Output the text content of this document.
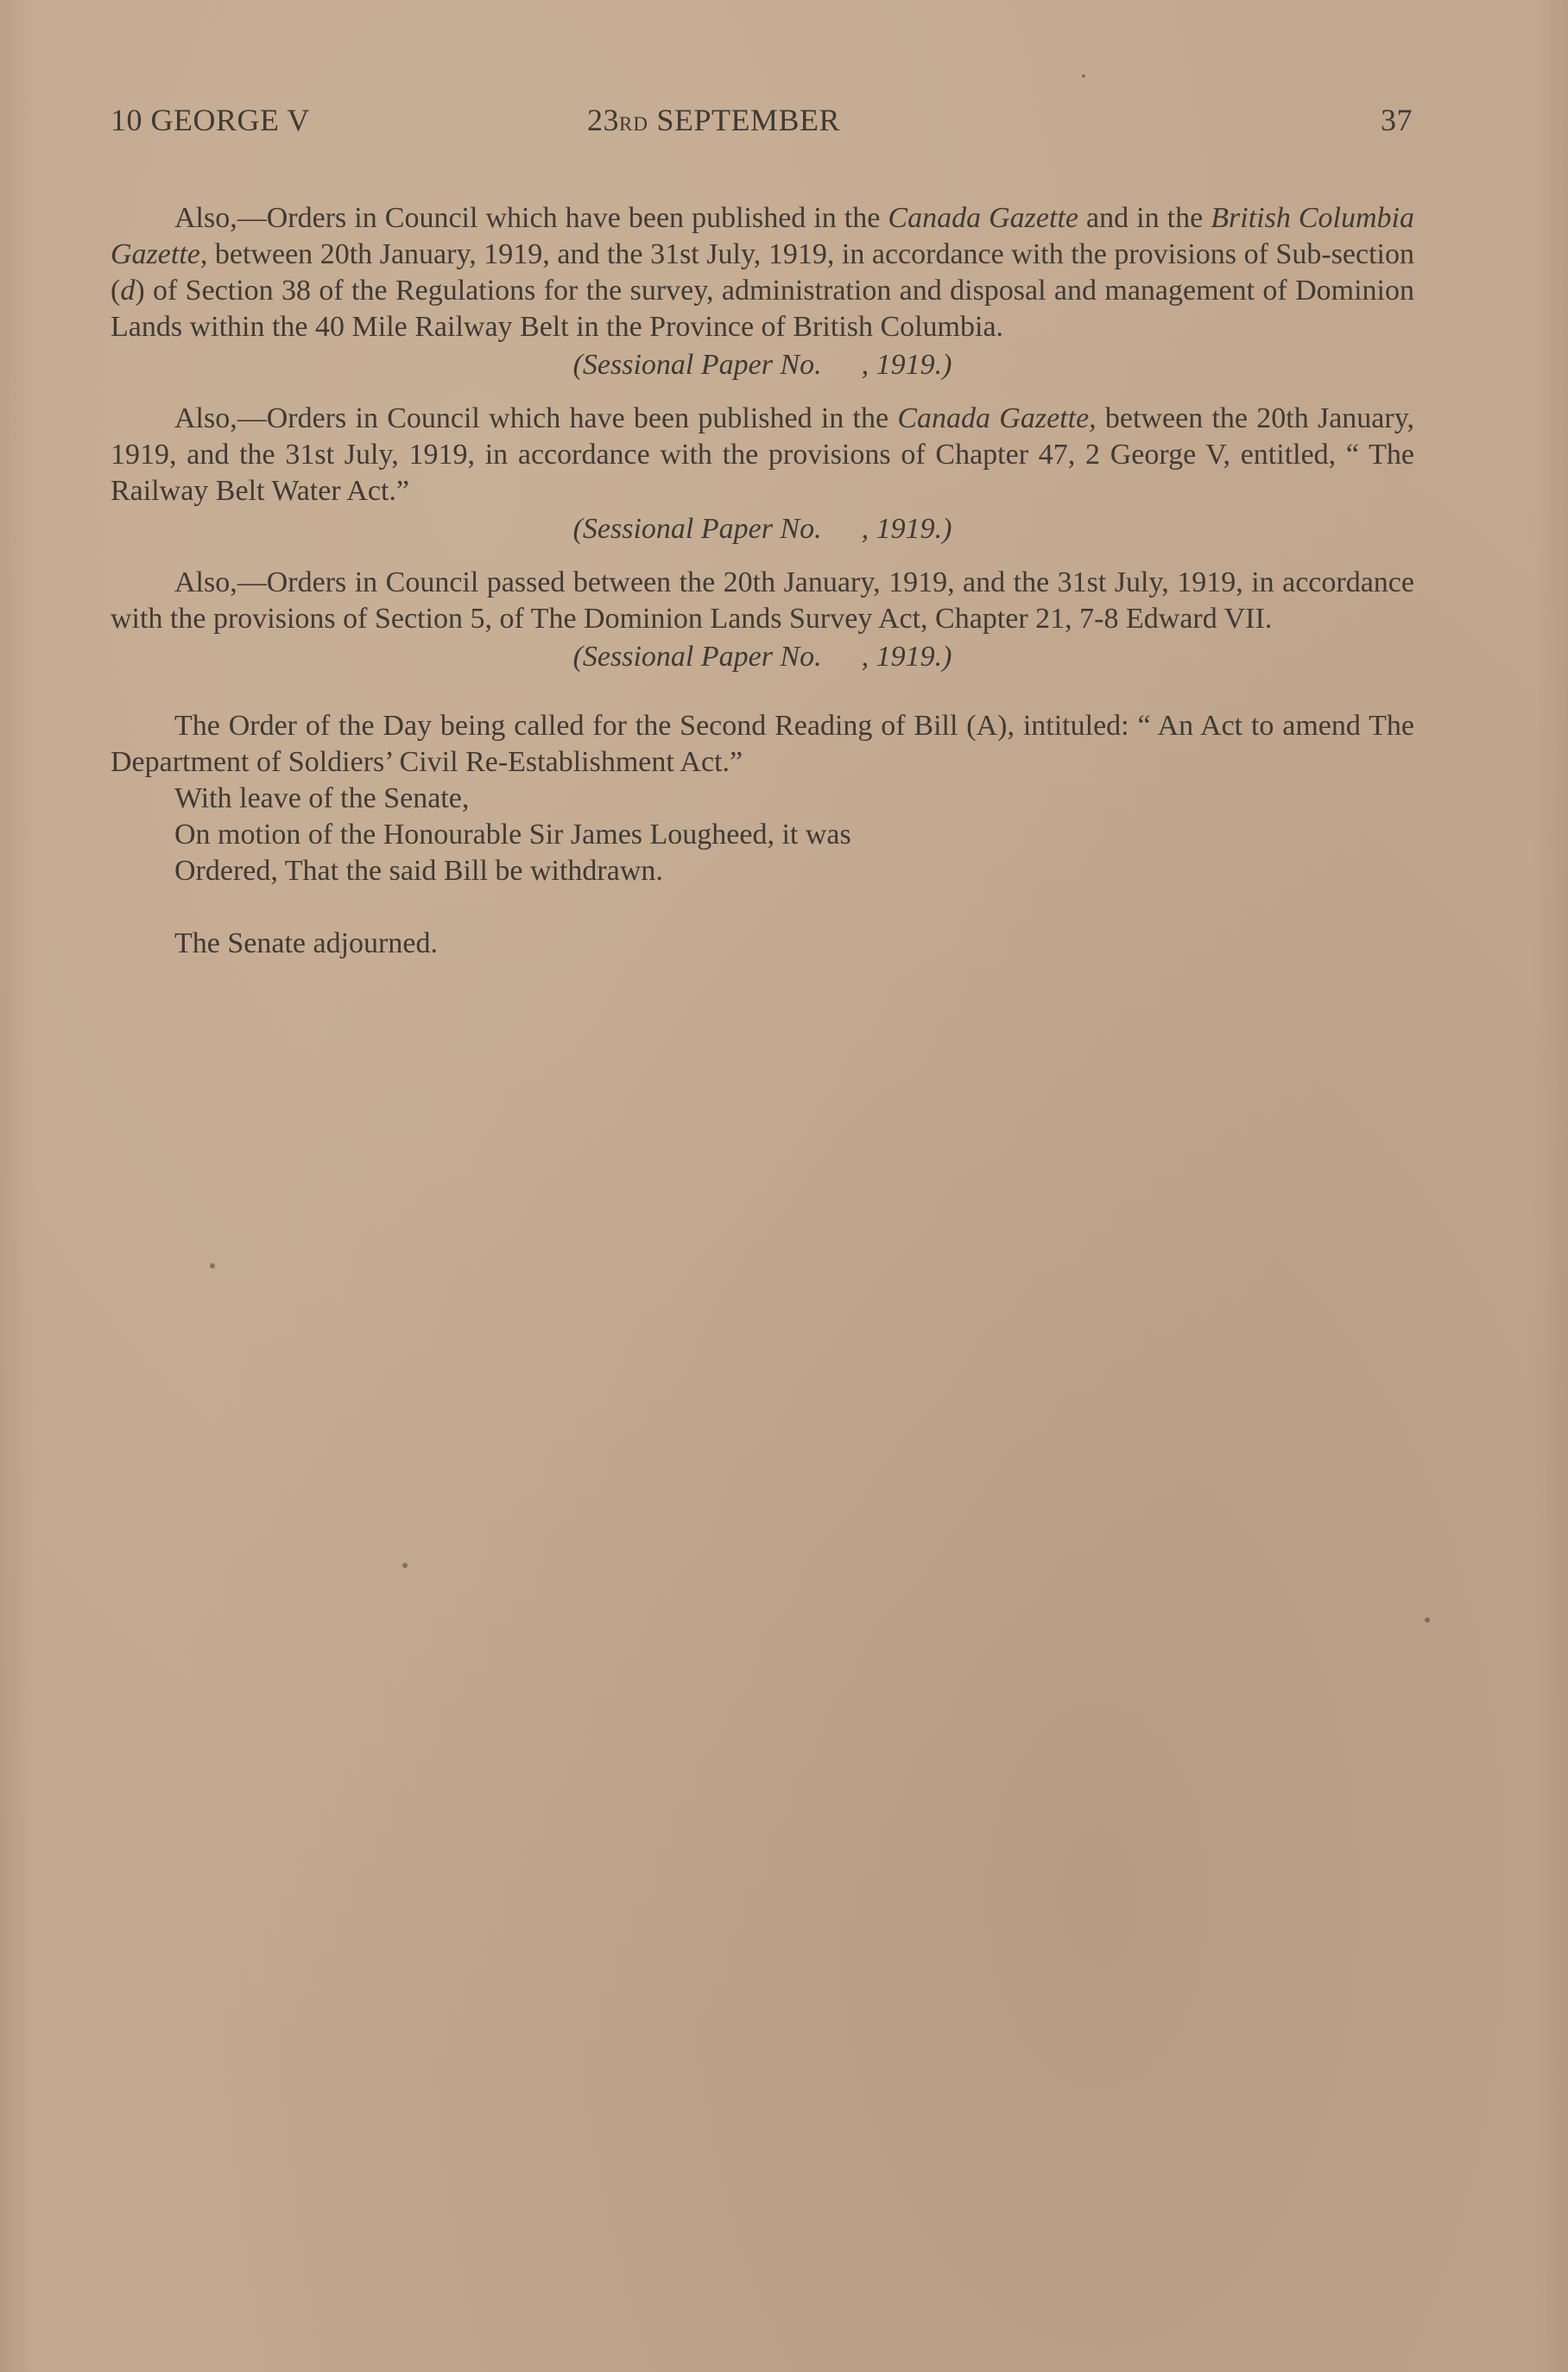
10 GEORGE V	23RD SEPTEMBER	37

Also,—Orders in Council which have been published in the Canada Gazette and in the British Columbia Gazette, between 20th January, 1919, and the 31st July, 1919, in accordance with the provisions of Sub-section (d) of Section 38 of the Regulations for the survey, administration and disposal and management of Dominion Lands within the 40 Mile Railway Belt in the Province of British Columbia.

(Sessional Paper No. , 1919.)

Also,—Orders in Council which have been published in the Canada Gazette, between the 20th January, 1919, and the 31st July, 1919, in accordance with the provisions of Chapter 47, 2 George V, entitled, “ The Railway Belt Water Act.”

(Sessional Paper No. , 1919.)

Also,—Orders in Council passed between the 20th January, 1919, and the 31st July, 1919, in accordance with the provisions of Section 5, of The Dominion Lands Survey Act, Chapter 21, 7-8 Edward VII.

(Sessional Paper No. , 1919.)

The Order of the Day being called for the Second Reading of Bill (A), intituled: “ An Act to amend The Department of Soldiers’ Civil Re-Establishment Act.”

With leave of the Senate,

On motion of the Honourable Sir James Lougheed, it was

Ordered, That the said Bill be withdrawn.

The Senate adjourned.
